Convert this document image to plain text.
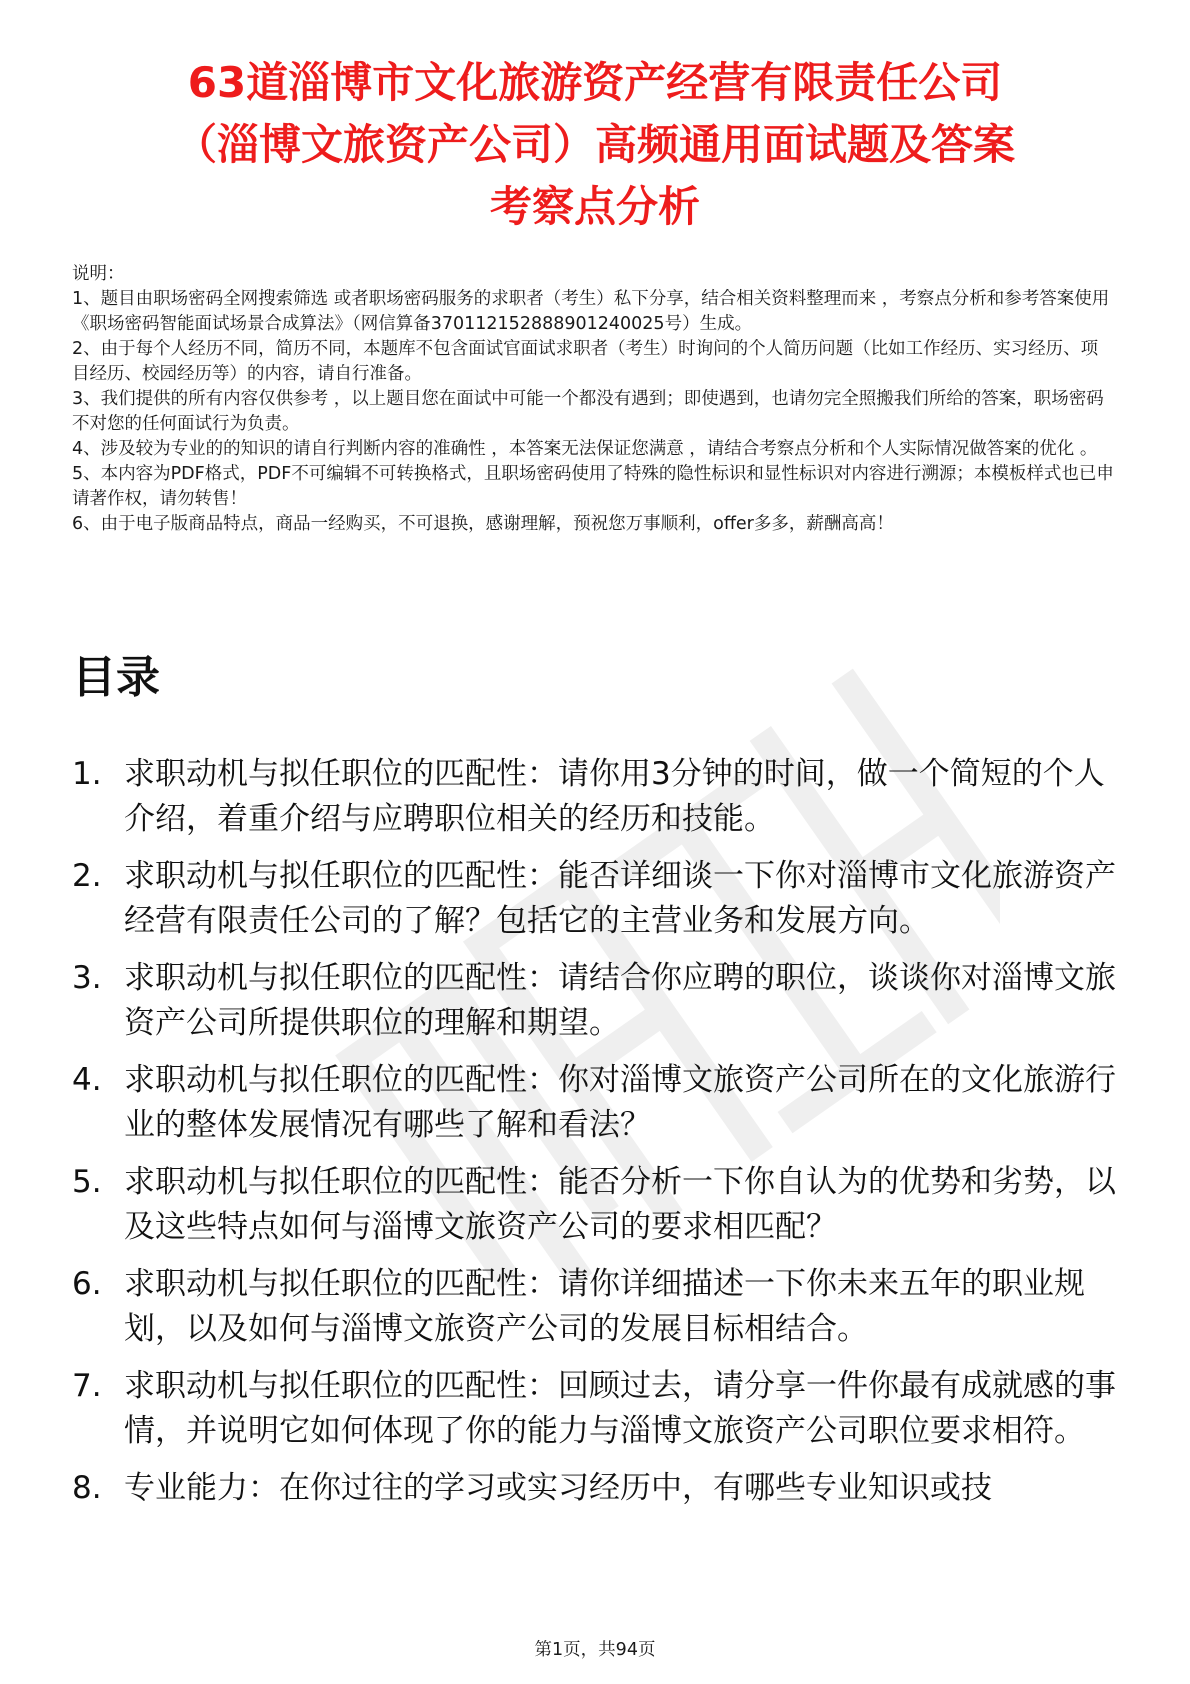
63道淄博市文化旅游资产经营有限责任公司
（淄博文旅资产公司）高频通用面试题及答案
考察点分析

说明：

1、题目由职场密码全网搜索筛选 或者职场密码服务的求职者（考生）私下分享，结合相关资料整理而来 ，考察点分析和参考答案使用《职场密码智能面试场景合成算法》（网信算备370112152888901240025号）生成。

2、由于每个人经历不同，简历不同，本题库不包含面试官面试求职者（考生）时询问的个人简历问题（比如工作经历、实习经历、项目经历、校园经历等）的内容，请自行准备。

3、我们提供的所有内容仅供参考 ，以上题目您在面试中可能一个都没有遇到；即使遇到，也请勿完全照搬我们所给的答案，职场密码不对您的任何面试行为负责。

4、涉及较为专业的的知识的请自行判断内容的准确性 ，本答案无法保证您满意 ，请结合考察点分析和个人实际情况做答案的优化 。

5、本内容为PDF格式，PDF不可编辑不可转换格式，且职场密码使用了特殊的隐性标识和显性标识对内容进行溯源；本模板样式也已申请著作权，请勿转售！

6、由于电子版商品特点，商品一经购买，不可退换，感谢理解，预祝您万事顺利，offer多多，薪酬高高！

目录
1. 求职动机与拟任职位的匹配性：请你用3分钟的时间，做一个简短的个人介绍，着重介绍与应聘职位相关的经历和技能。
2. 求职动机与拟任职位的匹配性：能否详细谈一下你对淄博市文化旅游资产经营有限责任公司的了解？包括它的主营业务和发展方向。
3. 求职动机与拟任职位的匹配性：请结合你应聘的职位，谈谈你对淄博文旅资产公司所提供职位的理解和期望。
4. 求职动机与拟任职位的匹配性：你对淄博文旅资产公司所在的文化旅游行业的整体发展情况有哪些了解和看法？
5. 求职动机与拟任职位的匹配性：能否分析一下你自认为的优势和劣势，以及这些特点如何与淄博文旅资产公司的要求相匹配？
6. 求职动机与拟任职位的匹配性：请你详细描述一下你未来五年的职业规划，以及如何与淄博文旅资产公司的发展目标相结合。
7. 求职动机与拟任职位的匹配性：回顾过去，请分享一件你最有成就感的事情，并说明它如何体现了你的能力与淄博文旅资产公司职位要求相符。
8. 专业能力：在你过往的学习或实习经历中，有哪些专业知识或技
第1页，共94页
